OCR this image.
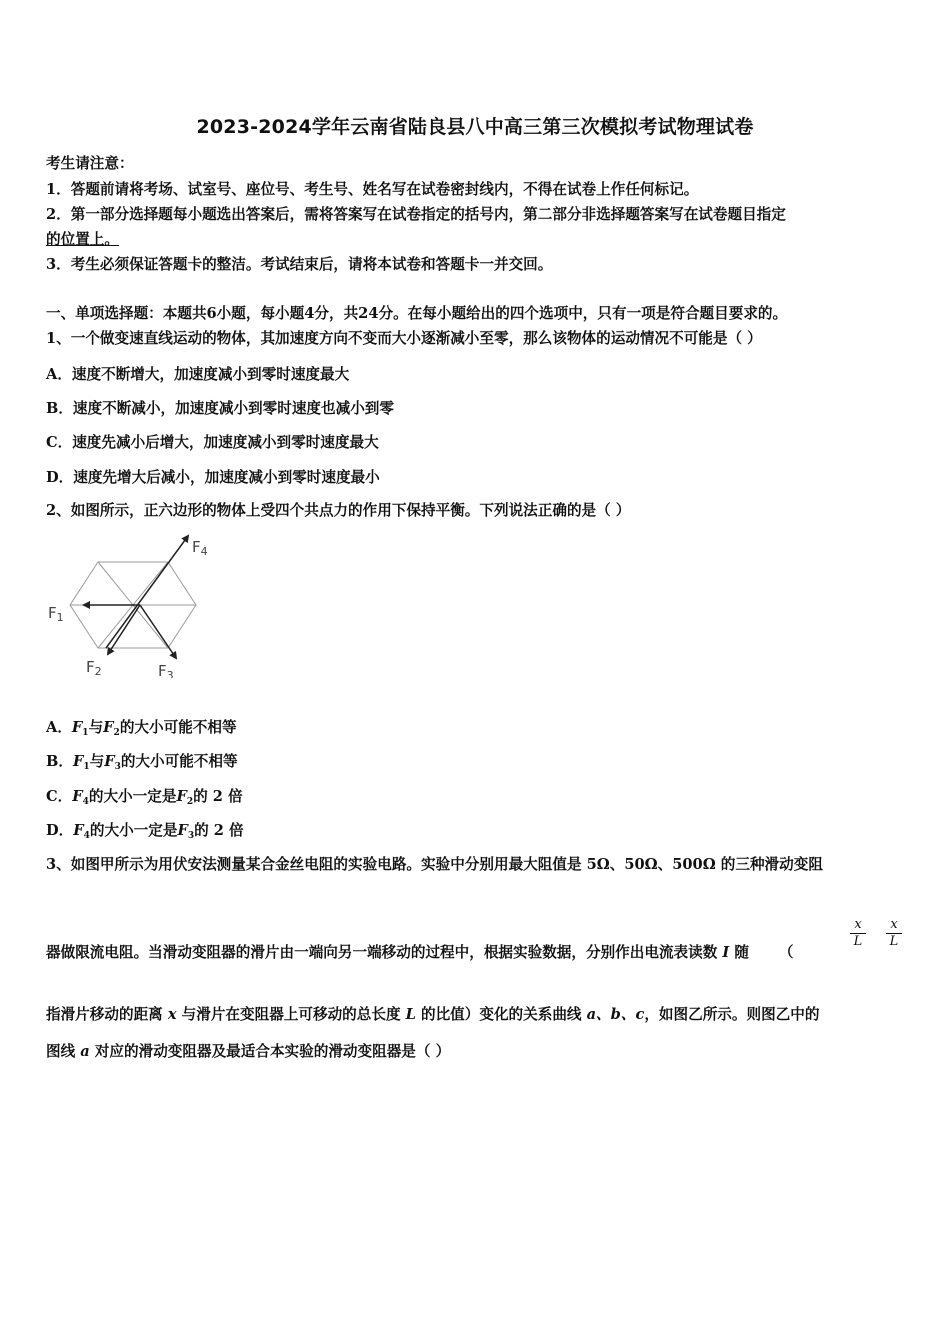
2023-2024学年云南省陆良县八中高三第三次模拟考试物理试卷
考生请注意：
1．答题前请将考场、试室号、座位号、考生号、姓名写在试卷密封线内，不得在试卷上作任何标记。
2．第一部分选择题每小题选出答案后，需将答案写在试卷指定的括号内，第二部分非选择题答案写在试卷题目指定
的位置上。
3．考生必须保证答题卡的整洁。考试结束后，请将本试卷和答题卡一并交回。
一、单项选择题：本题共6小题，每小题4分，共24分。在每小题给出的四个选项中，只有一项是符合题目要求的。
1、一个做变速直线运动的物体，其加速度方向不变而大小逐渐减小至零，那么该物体的运动情况不可能是（ ）
A．速度不断增大，加速度减小到零时速度最大
B．速度不断减小，加速度减小到零时速度也减小到零
C．速度先减小后增大，加速度减小到零时速度最大
D．速度先增大后减小，加速度减小到零时速度最小
2、如图所示，正六边形的物体上受四个共点力的作用下保持平衡。下列说法正确的是（ ）
$F_1$
$F_2$	$F_3$
$F_4$
A．$F_1$与$F_2$的大小可能不相等
B．$F_1$与$F_3$的大小可能不相等
C．$F_4$的大小一定是$F_2$的 2 倍
D．$F_4$的大小一定是$F_3$的 2 倍
3、如图甲所示为用伏安法测量某合金丝电阻的实验电路。实验中分别用最大阻值是 5Ω、50Ω、500Ω 的三种滑动变阻
$\frac{x}{L} \frac{x}{L}$
器做限流电阻。当滑动变阻器的滑片由一端向另一端移动的过程中，根据实验数据，分别作出电流表读数 I 随 （
指滑片移动的距离 x 与滑片在变阻器上可移动的总长度 L 的比值）变化的关系曲线 a、b、c，如图乙所示。则图乙中的
图线 a 对应的滑动变阻器及最适合本实验的滑动变阻器是（ ）
